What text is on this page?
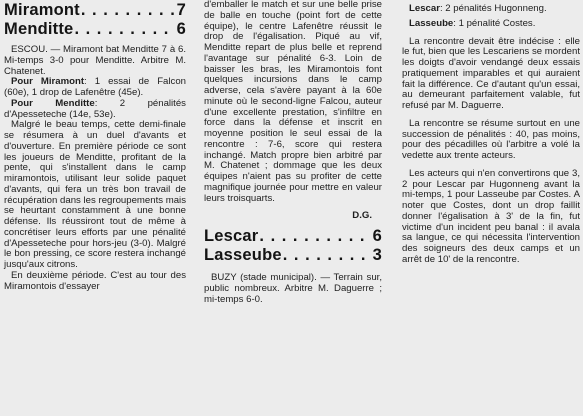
Miramont . . .	7
Menditte . . .	6

ESCOU. — Miramont bat Menditte 7 à 6. Mi-temps 3-0 pour Menditte. Arbitre M. Chatenet.

Pour Miramont: 1 essai de Falcon (60e), 1 drop de Lafenêtre (45e).

Pour Menditte: 2 pénalités d'Apesseteche (14e, 53e).

Malgré le beau temps, cette demi-finale se résumera à un duel d'avants et d'ouverture. En première période ce sont les joueurs de Menditte, profitant de la pente, qui s'installent dans le camp miramontois, utilisant leur solide paquet d'avants, qui fera un très bon travail de récupération dans les regroupements mais se heurtant constamment à une bonne défense. Ils réussiront tout de même à concrétiser leurs efforts par une pénalité d'Apesseteche pour hors-jeu (3-0). Malgré le bon pressing, ce score restera inchangé jusqu'aux citrons.

En deuxième période. C'est au tour des Miramontois d'essayer

d'emballer le match et sur une belle prise de balle en touche (point fort de cette équipe), le centre Lafenêtre réussit le drop de l'égalisation. Piqué au vif, Menditte repart de plus belle et reprend l'avantage sur pénalité 6-3. Loin de baisser les bras, les Miramontois font quelques incursions dans le camp adverse, cela s'avère payant à la 60e minute où le second-ligne Falcou, auteur d'une excellente prestation, s'infiltre en force dans la défense et inscrit en moyenne position le seul essai de la rencontre : 7-6, score qui restera inchangé. Match propre bien arbitré par M. Chatenet ; dommage que les deux équipes n'aient pas su profiter de cette magnifique journée pour mettre en valeur leurs troisquarts.

D.G.
Lescar . . .	6
Lasseube . . .	3

BUZY (stade municipal). — Terrain sur, public nombreux. Arbitre M. Daguerre ; mi-temps 6-0.

Lescar: 2 pénalités Hugonneng.

Lasseube: 1 pénalité Costes.

La rencontre devait être indécise : elle le fut, bien que les Lescariens se mordent les doigts d'avoir vendangé deux essais pratiquement imparables et qui auraient fait la différence. Ce d'autant qu'un essai, au demeurant parfaitement valable, fut refusé par M. Daguerre.

La rencontre se résume surtout en une succession de pénalités : 40, pas moins, pour des pécadilles où l'arbitre a volé la vedette aux trente acteurs.

Les acteurs qui n'en convertirons que 3, 2 pour Lescar par Hugonneng avant la mi-temps, 1 pour Lasseube par Costes. A noter que Costes, dont un drop faillit donner l'égalisation à 3' de la fin, fut victime d'un incident peu banal : il avala sa langue, ce qui nécessita l'intervention des soigneurs des deux camps et un arrêt de 10' de la rencontre.
